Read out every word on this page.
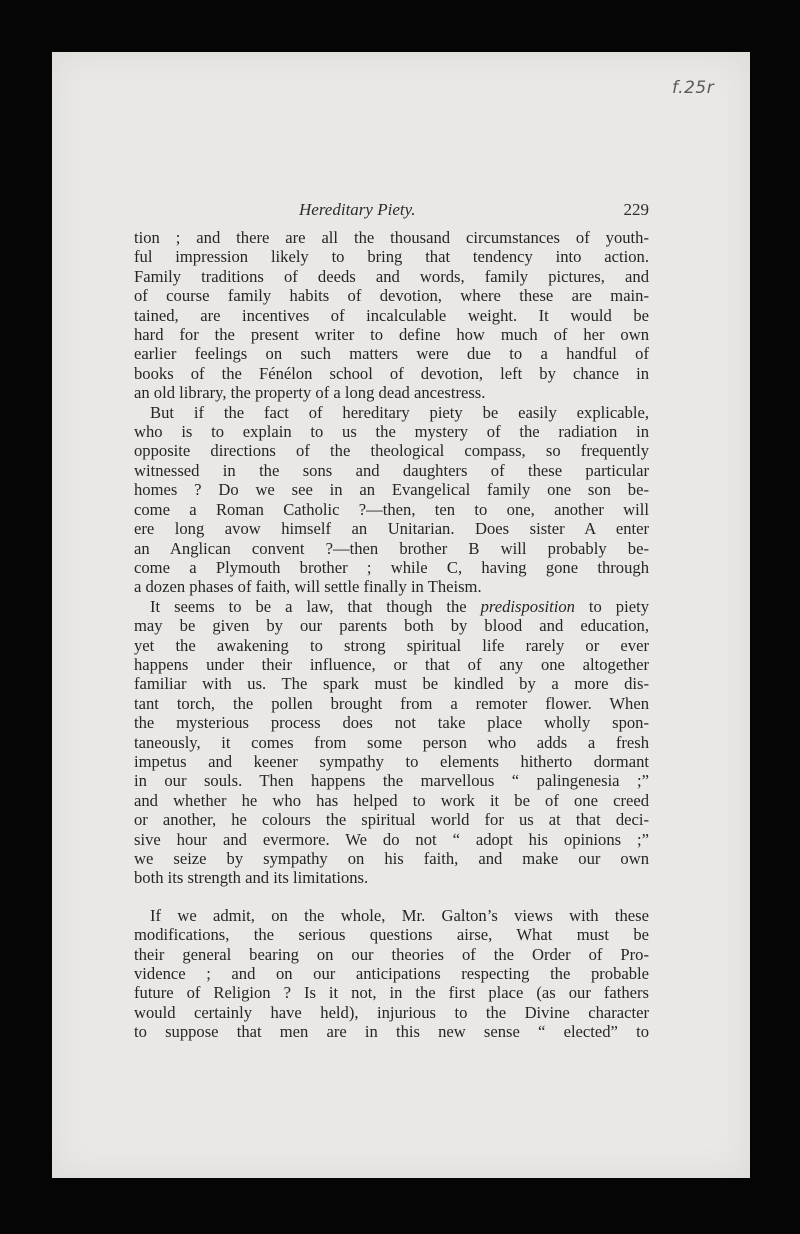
f.25r
Hereditary Piety.	229

tion ; and there are all the thousand circumstances of youth-
ful impression likely to bring that tendency into action.
Family traditions of deeds and words, family pictures, and
of course family habits of devotion, where these are main-
tained, are incentives of incalculable weight. It would be
hard for the present writer to define how much of her own
earlier feelings on such matters were due to a handful of
books of the Fénélon school of devotion, left by chance in
an old library, the property of a long dead ancestress.

But if the fact of hereditary piety be easily explicable,
who is to explain to us the mystery of the radiation in
opposite directions of the theological compass, so frequently
witnessed in the sons and daughters of these particular
homes ? Do we see in an Evangelical family one son be-
come a Roman Catholic ?—then, ten to one, another will
ere long avow himself an Unitarian. Does sister A enter
an Anglican convent ?—then brother B will probably be-
come a Plymouth brother ; while C, having gone through
a dozen phases of faith, will settle finally in Theism.

It seems to be a law, that though the predisposition to piety
may be given by our parents both by blood and education,
yet the awakening to strong spiritual life rarely or ever
happens under their influence, or that of any one altogether
familiar with us. The spark must be kindled by a more dis-
tant torch, the pollen brought from a remoter flower. When
the mysterious process does not take place wholly spon-
taneously, it comes from some person who adds a fresh
impetus and keener sympathy to elements hitherto dormant
in our souls. Then happens the marvellous “ palingenesia ;”
and whether he who has helped to work it be of one creed
or another, he colours the spiritual world for us at that deci-
sive hour and evermore. We do not “ adopt his opinions ;”
we seize by sympathy on his faith, and make our own
both its strength and its limitations.

If we admit, on the whole, Mr. Galton’s views with these
modifications, the serious questions airse, What must be
their general bearing on our theories of the Order of Pro-
vidence ; and on our anticipations respecting the probable
future of Religion ? Is it not, in the first place (as our fathers
would certainly have held), injurious to the Divine character
to suppose that men are in this new sense “ elected” to
